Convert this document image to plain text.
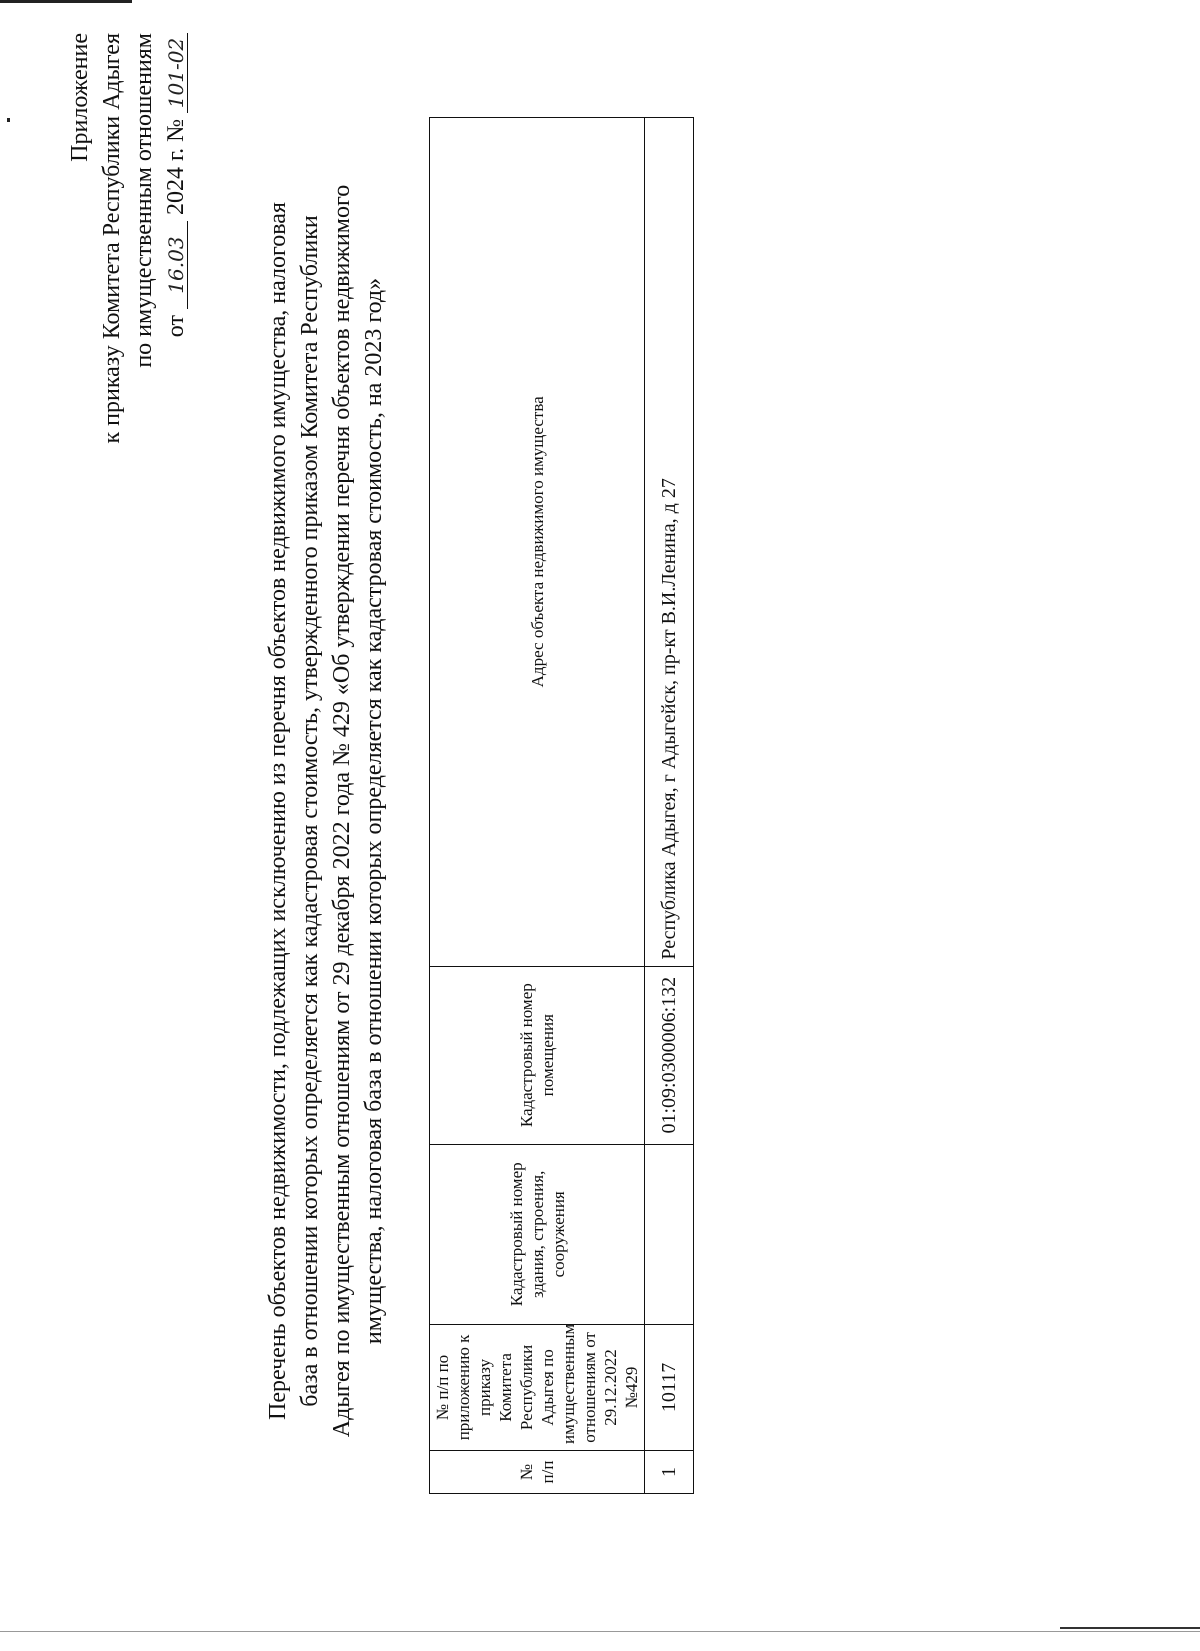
Приложение к приказу Комитета Республики Адыгея по имущественным отношениям от 16.03 2024 г. № 101-02
Перечень объектов недвижимости, подлежащих исключению из перечня объектов недвижимого имущества, налоговая база в отношении которых определяется как кадастровая стоимость, утвержденного приказом Комитета Республики Адыгея по имущественным отношениям от 29 декабря 2022 года № 429 «Об утверждении перечня объектов недвижимого имущества, налоговая база в отношении которых определяется как кадастровая стоимость, на 2023 год»
№ п/п	№ п/п по приложению к приказу Комитета Республики Адыгея по имущественным отношениям от 29.12.2022 №429	Кадастровый номер здания, строения, сооружения	Кадастровый номер помещения	Адрес объекта недвижимого имущества
1	10117		01:09:0300006:132	Республика Адыгея, г Адыгейск, пр-кт В.И.Ленина, д 27
